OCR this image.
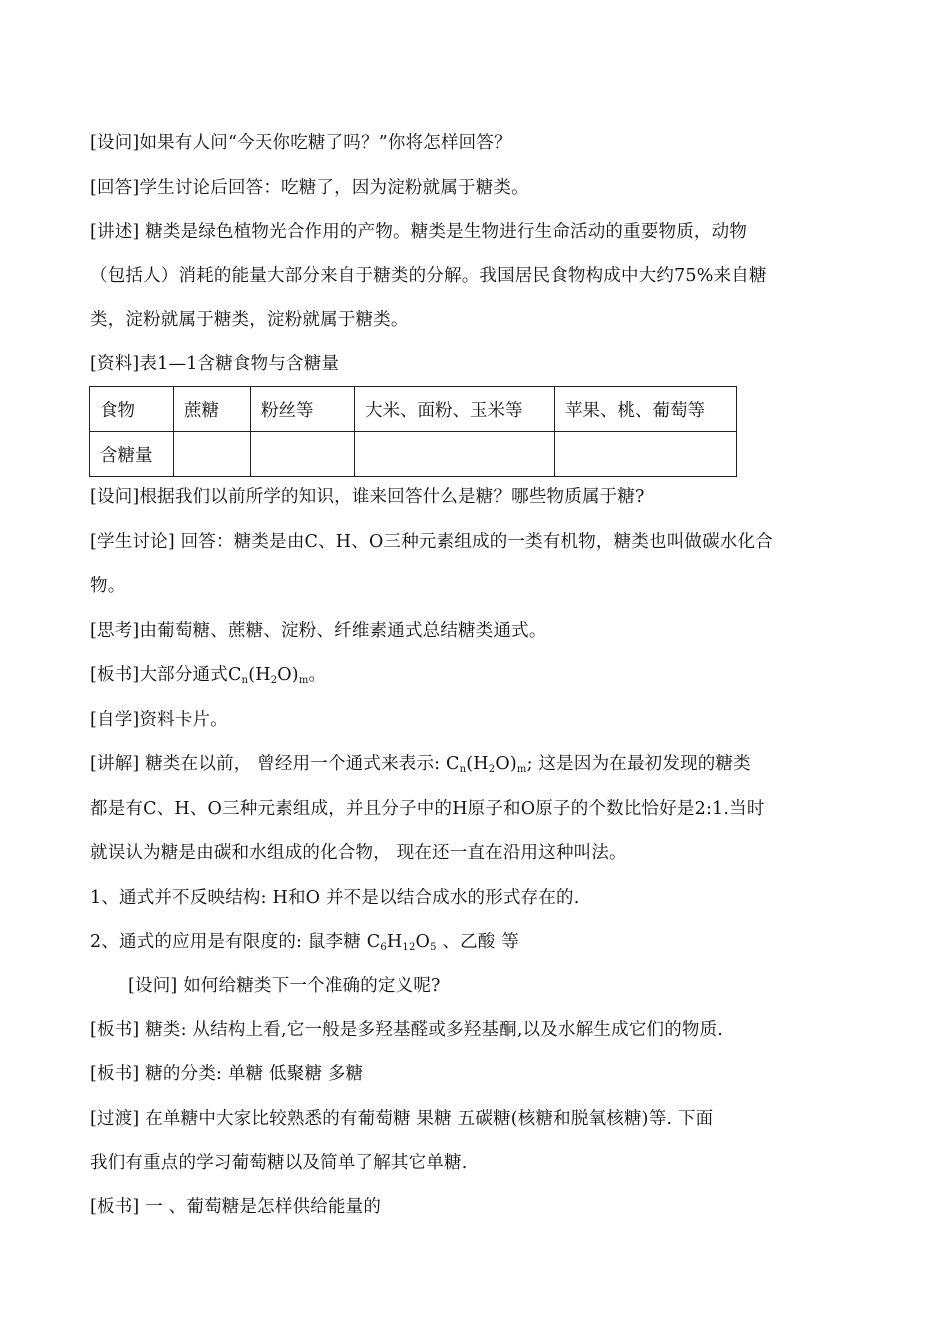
[设问]如果有人问“今天你吃糖了吗？”你将怎样回答？
[回答]学生讨论后回答：吃糖了，因为淀粉就属于糖类。
[讲述] 糖类是绿色植物光合作用的产物。糖类是生物进行生命活动的重要物质，动物
（包括人）消耗的能量大部分来自于糖类的分解。我国居民食物构成中大约75%来自糖
类，淀粉就属于糖类，淀粉就属于糖类。
[资料]表1—1含糖食物与含糖量
食物	蔗糖	粉丝等	大米、面粉、玉米等	苹果、桃、葡萄等
含糖量				
[设问]根据我们以前所学的知识，谁来回答什么是糖？哪些物质属于糖?
[学生讨论] 回答：糖类是由C、H、O三种元素组成的一类有机物，糖类也叫做碳水化合
物。
[思考]由葡萄糖、蔗糖、淀粉、纤维素通式总结糖类通式。
[板书]大部分通式$C_n(H_2O)_m$。
[自学]资料卡片。
[讲解] 糖类在以前， 曾经用一个通式来表示: $C_n(H_2O)_m$; 这是因为在最初发现的糖类
都是有C、H、O三种元素组成，并且分子中的H原子和O原子的个数比恰好是2:1.当时
就误认为糖是由碳和水组成的化合物， 现在还一直在沿用这种叫法。
1、通式并不反映结构: H和O 并不是以结合成水的形式存在的.
2、通式的应用是有限度的: 鼠李糖 $C_6H_{12}O_5$ 、乙酸 等
[设问] 如何给糖类下一个准确的定义呢?
[板书] 糖类: 从结构上看,它一般是多羟基醛或多羟基酮,以及水解生成它们的物质.
[板书] 糖的分类: 单糖 低聚糖 多糖
[过渡] 在单糖中大家比较熟悉的有葡萄糖 果糖 五碳糖(核糖和脱氧核糖)等. 下面
我们有重点的学习葡萄糖以及简单了解其它单糖.
[板书] 一 、葡萄糖是怎样供给能量的
